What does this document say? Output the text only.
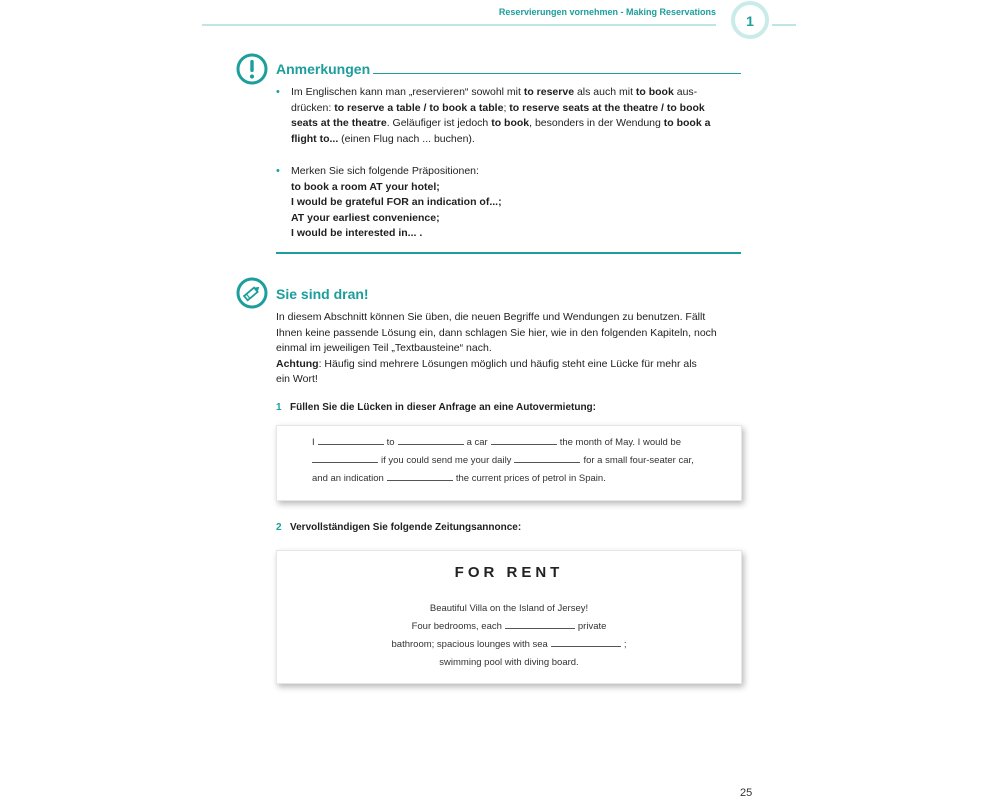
Reservierungen vornehmen - Making Reservations
1
Anmerkungen
•	Im Englischen kann man „reservieren“ sowohl mit to reserve als auch mit to book aus-
drücken: to reserve a table / to book a table; to reserve seats at the theatre / to book
seats at the theatre. Geläufiger ist jedoch to book, besonders in der Wendung to book a
flight to... (einen Flug nach ... buchen).
•	Merken Sie sich folgende Präpositionen:
to book a room AT your hotel;
I would be grateful FOR an indication of...;
AT your earliest convenience;
I would be interested in... .
Sie sind dran!
In diesem Abschnitt können Sie üben, die neuen Begriffe und Wendungen zu benutzen. Fällt
Ihnen keine passende Lösung ein, dann schlagen Sie hier, wie in den folgenden Kapiteln, noch
einmal im jeweiligen Teil „Textbausteine“ nach.
Achtung: Häufig sind mehrere Lösungen möglich und häufig steht eine Lücke für mehr als
ein Wort!
1 Füllen Sie die Lücken in dieser Anfrage an eine Autovermietung:
I	to	a car	the month of May. I would be
if you could send me your daily	for a small four-seater car,
and an indication	the current prices of petrol in Spain.
2 Vervollständigen Sie folgende Zeitungsannonce:
FOR RENT
Beautiful Villa on the Island of Jersey!
Four bedrooms, each	private
bathroom; spacious lounges with sea	;
swimming pool with diving board.
25
